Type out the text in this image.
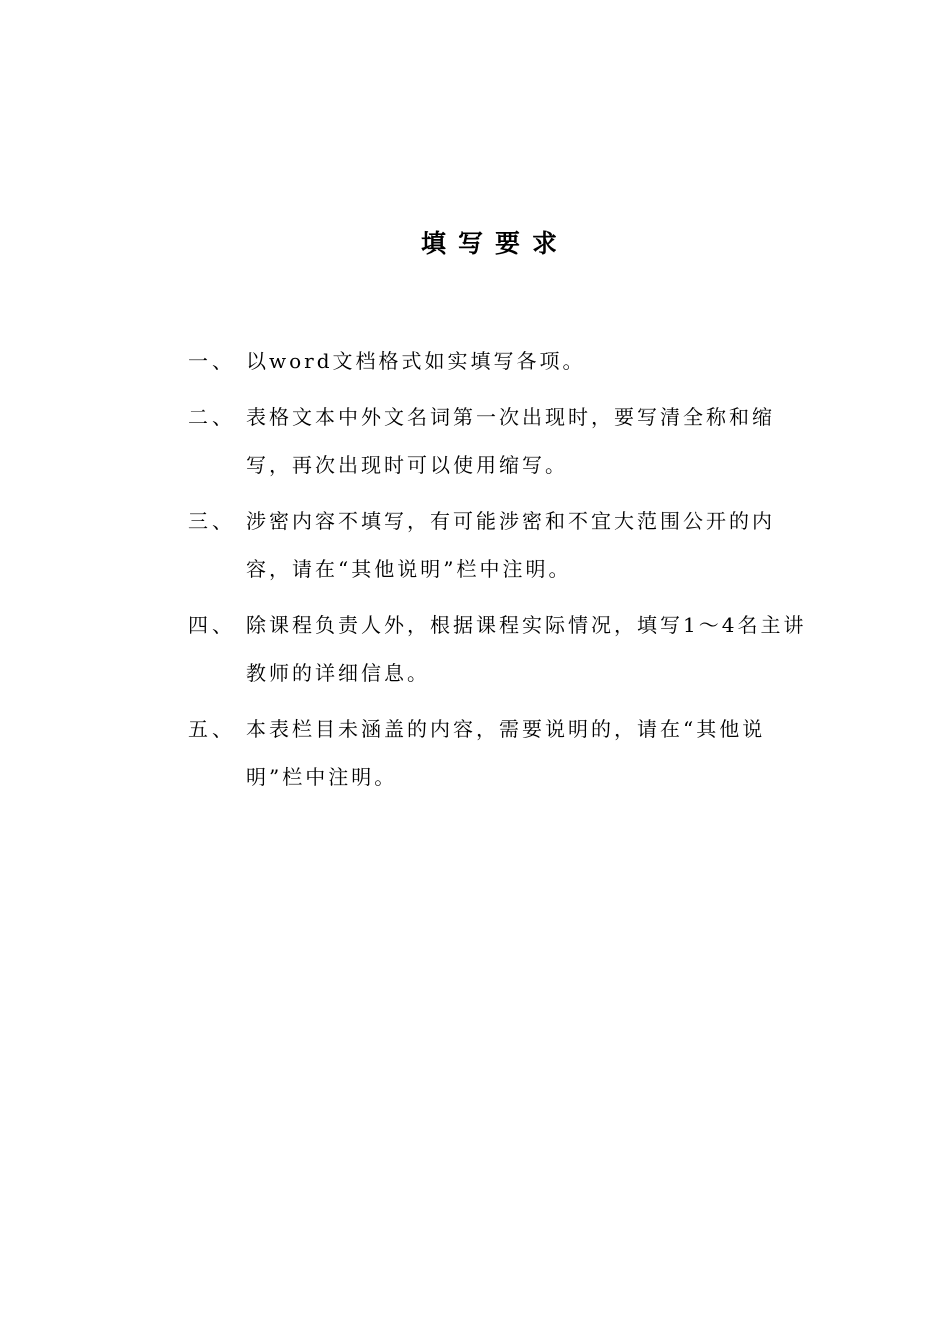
填写要求
一、 以word文档格式如实填写各项。
二、 表格文本中外文名词第一次出现时，要写清全称和缩写，再次出现时可以使用缩写。
三、 涉密内容不填写，有可能涉密和不宜大范围公开的内容，请在“其他说明”栏中注明。
四、 除课程负责人外，根据课程实际情况，填写1～4名主讲教师的详细信息。
五、 本表栏目未涵盖的内容，需要说明的，请在“其他说明”栏中注明。
